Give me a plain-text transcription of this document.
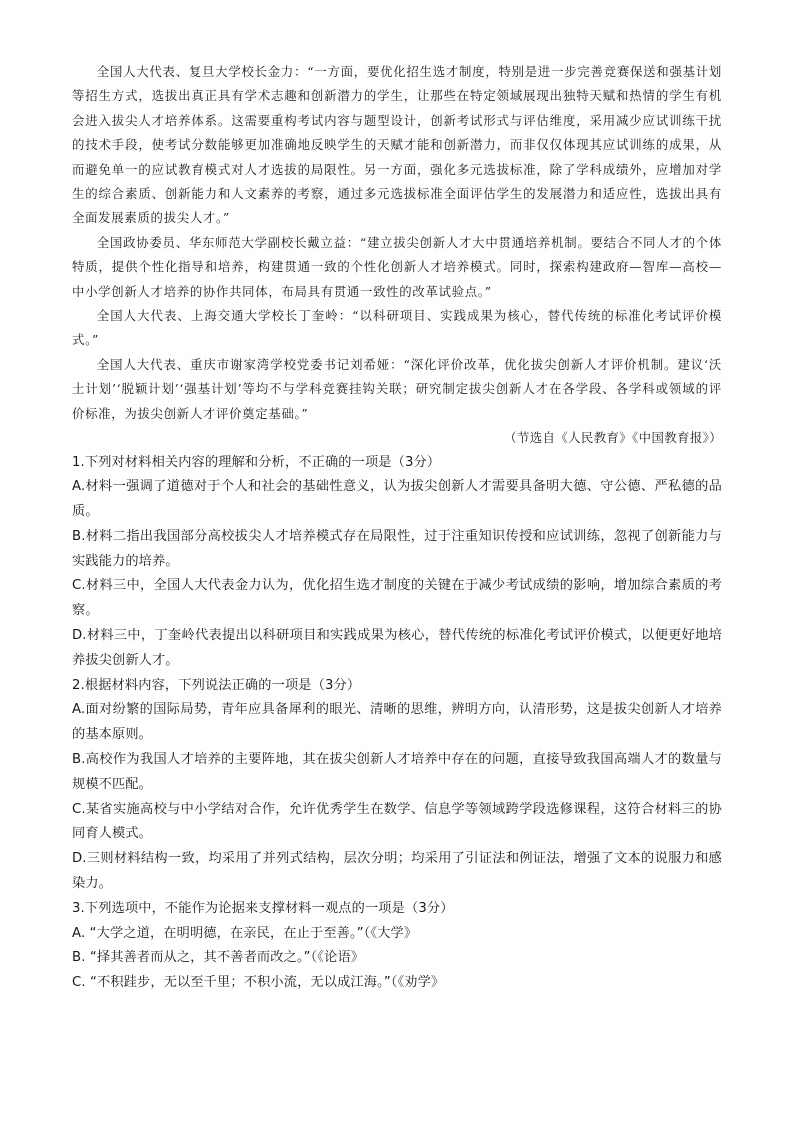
全国人大代表、复旦大学校长金力：“一方面，要优化招生选才制度，特别是进一步完善竞赛保送和强基计划等招生方式，选拔出真正具有学术志趣和创新潜力的学生，让那些在特定领域展现出独特天赋和热情的学生有机会进入拔尖人才培养体系。这需要重构考试内容与题型设计，创新考试形式与评估维度，采用减少应试训练干扰的技术手段，使考试分数能够更加准确地反映学生的天赋才能和创新潜力，而非仅仅体现其应试训练的成果，从而避免单一的应试教育模式对人才选拔的局限性。另一方面，强化多元选拔标准，除了学科成绩外，应增加对学生的综合素质、创新能力和人文素养的考察，通过多元选拔标准全面评估学生的发展潜力和适应性，选拔出具有全面发展素质的拔尖人才。”

全国政协委员、华东师范大学副校长戴立益：“建立拔尖创新人才大中贯通培养机制。要结合不同人才的个体特质，提供个性化指导和培养，构建贯通一致的个性化创新人才培养模式。同时，探索构建政府—智库—高校—中小学创新人才培养的协作共同体，布局具有贯通一致性的改革试验点。”

全国人大代表、上海交通大学校长丁奎岭：“以科研项目、实践成果为核心，替代传统的标准化考试评价模式。”

全国人大代表、重庆市谢家湾学校党委书记刘希娅：“深化评价改革，优化拔尖创新人才评价机制。建议‘沃土计划’‘脱颖计划’‘强基计划’等均不与学科竞赛挂钩关联；研究制定拔尖创新人才在各学段、各学科或领域的评价标准，为拔尖创新人才评价奠定基础。”

（节选自《人民教育》《中国教育报》）

1.下列对材料相关内容的理解和分析，不正确的一项是（3分）

A.材料一强调了道德对于个人和社会的基础性意义，认为拔尖创新人才需要具备明大德、守公德、严私德的品质。

B.材料二指出我国部分高校拔尖人才培养模式存在局限性，过于注重知识传授和应试训练，忽视了创新能力与实践能力的培养。

C.材料三中，全国人大代表金力认为，优化招生选才制度的关键在于减少考试成绩的影响，增加综合素质的考察。

D.材料三中，丁奎岭代表提出以科研项目和实践成果为核心，替代传统的标准化考试评价模式，以便更好地培养拔尖创新人才。

2.根据材料内容，下列说法正确的一项是（3分）

A.面对纷繁的国际局势，青年应具备犀利的眼光、清晰的思维，辨明方向，认清形势，这是拔尖创新人才培养的基本原则。

B.高校作为我国人才培养的主要阵地，其在拔尖创新人才培养中存在的问题，直接导致我国高端人才的数量与规模不匹配。

C.某省实施高校与中小学结对合作，允许优秀学生在数学、信息学等领域跨学段选修课程，这符合材料三的协同育人模式。

D.三则材料结构一致，均采用了并列式结构，层次分明；均采用了引证法和例证法，增强了文本的说服力和感染力。

3.下列选项中，不能作为论据来支撑材料一观点的一项是（3分）

A. “大学之道，在明明德，在亲民，在止于至善。”（《大学》

B. “择其善者而从之，其不善者而改之。”（《论语》

C. “不积跬步，无以至千里；不积小流，无以成江海。”（《劝学》
